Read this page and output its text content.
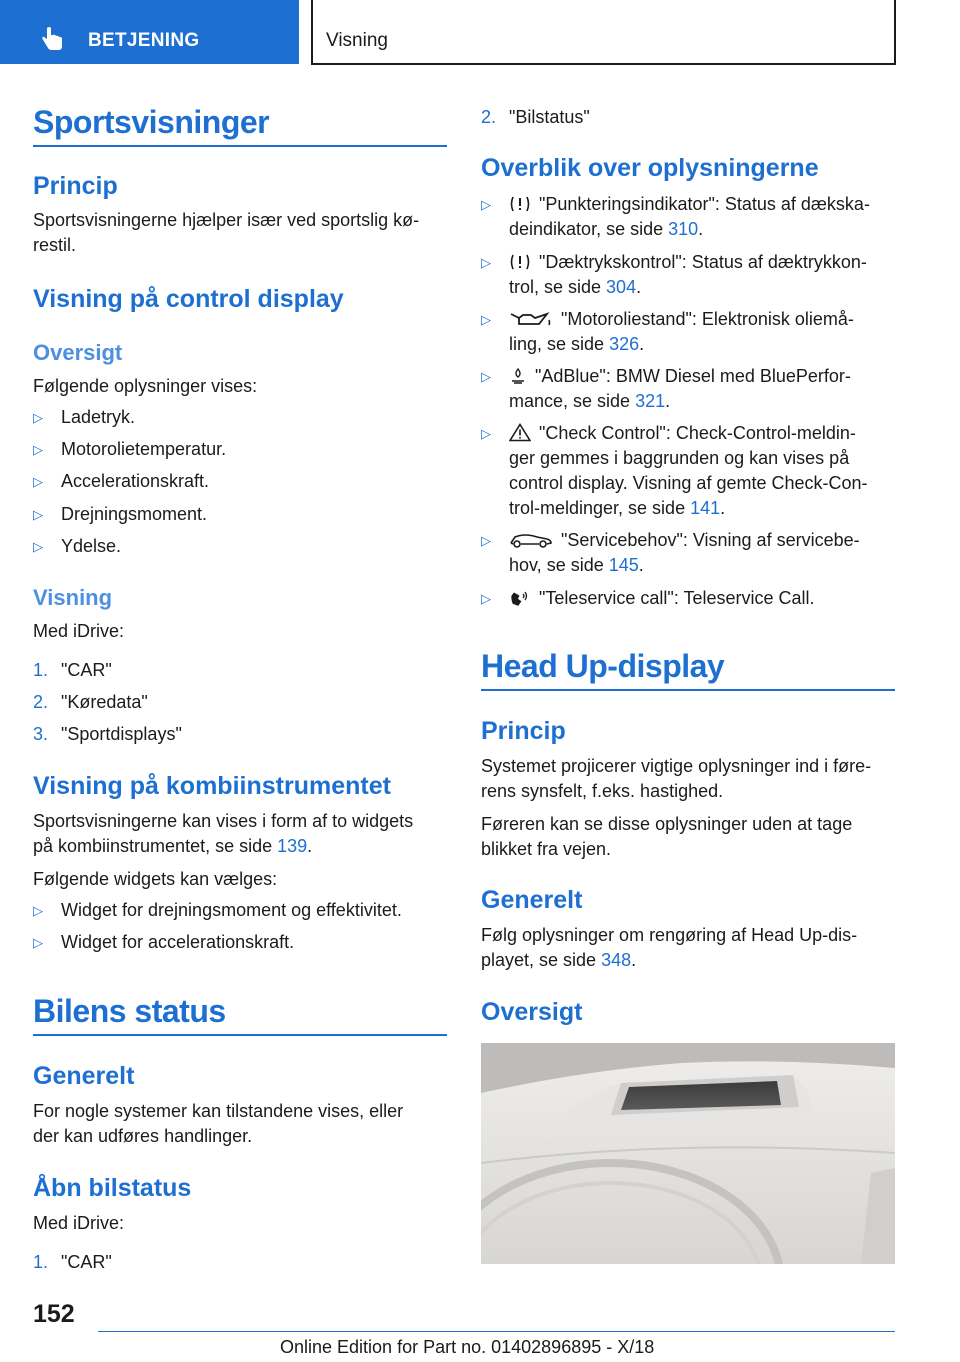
BETJENING	Visning
Sportsvisninger
Princip
Sportsvisningerne hjælper især ved sportslig kø-
restil.
Visning på control display
Oversigt
Følgende oplysninger vises:
▷ Ladetryk.
▷ Motorolietemperatur.
▷ Accelerationskraft.
▷ Drejningsmoment.
▷ Ydelse.
Visning
Med iDrive:
1. "CAR"
2. "Køredata"
3. "Sportdisplays"
Visning på kombiinstrumentet
Sportsvisningerne kan vises i form af to widgets
på kombiinstrumentet, se side 139.
Følgende widgets kan vælges:
▷ Widget for drejningsmoment og effektivitet.
▷ Widget for accelerationskraft.
Bilens status
Generelt
For nogle systemer kan tilstandene vises, eller
der kan udføres handlinger.
Åbn bilstatus
Med iDrive:
1. "CAR"
2. "Bilstatus"
Overblik over oplysningerne
▷	"Punkteringsindikator": Status af dækska-
deindikator, se side 310.
▷	"Dæktrykskontrol": Status af dæktrykkon-
trol, se side 304.
▷	"Motoroliestand": Elektronisk oliemå-
ling, se side 326.
▷	"AdBlue": BMW Diesel med BluePerfor-
mance, se side 321.
▷	"Check Control": Check-Control-meldin-
ger gemmes i baggrunden og kan vises på
control display. Visning af gemte Check-Con-
trol-meldinger, se side 141.
▷	"Servicebehov": Visning af servicebe-
hov, se side 145.
▷	"Teleservice call": Teleservice Call.
Head Up-display
Princip
Systemet projicerer vigtige oplysninger ind i føre-
rens synsfelt, f.eks. hastighed.
Føreren kan se disse oplysninger uden at tage
blikket fra vejen.
Generelt
Følg oplysninger om rengøring af Head Up-dis-
playet, se side 348.
Oversigt
152
Online Edition for Part no. 01402896895 - X/18
